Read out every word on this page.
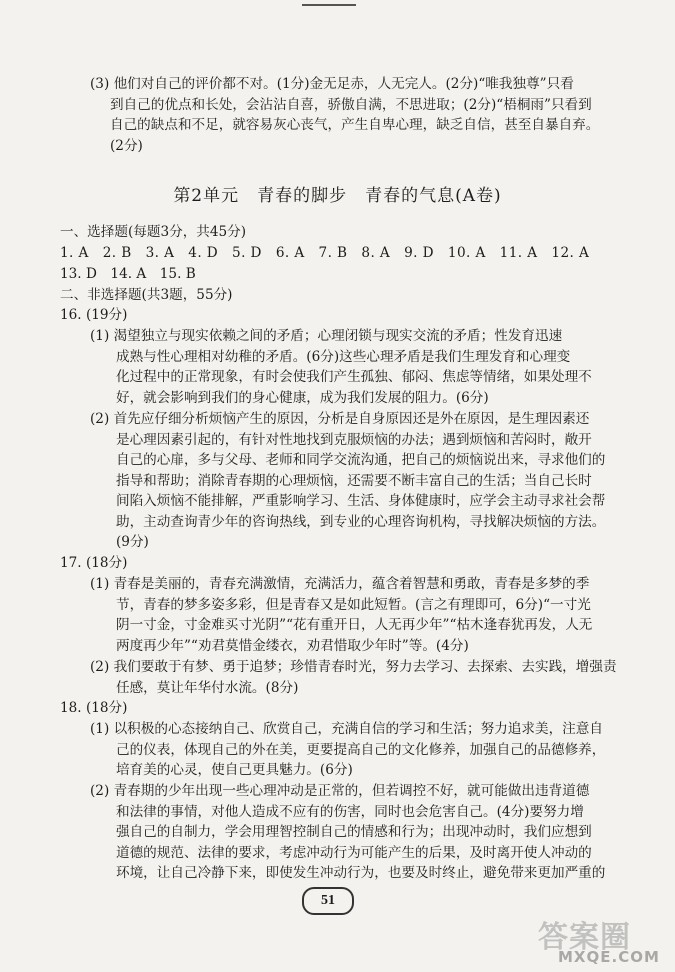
(3) 他们对自己的评价都不对。(1分)金无足赤，人无完人。(2分)“唯我独尊”只看
到自己的优点和长处，会沾沾自喜，骄傲自满，不思进取；(2分)“梧桐雨”只看到
自己的缺点和不足，就容易灰心丧气，产生自卑心理，缺乏自信，甚至自暴自弃。
(2分)
第2单元　青春的脚步　青春的气息(A卷)
一、选择题(每题3分，共45分)
1. A　2. B　3. A　4. D　5. D　6. A　7. B　8. A　9. D　10. A　11. A　12. A
13. D　14. A　15. B
二、非选择题(共3题，55分)
16. (19分)
(1) 渴望独立与现实依赖之间的矛盾；心理闭锁与现实交流的矛盾；性发育迅速
成熟与性心理相对幼稚的矛盾。(6分)这些心理矛盾是我们生理发育和心理变
化过程中的正常现象，有时会使我们产生孤独、郁闷、焦虑等情绪，如果处理不
好，就会影响到我们的身心健康，成为我们发展的阻力。(6分)
(2) 首先应仔细分析烦恼产生的原因，分析是自身原因还是外在原因，是生理因素还
是心理因素引起的，有针对性地找到克服烦恼的办法；遇到烦恼和苦闷时，敞开
自己的心扉，多与父母、老师和同学交流沟通，把自己的烦恼说出来，寻求他们的
指导和帮助；消除青春期的心理烦恼，还需要不断丰富自己的生活；当自己长时
间陷入烦恼不能排解，严重影响学习、生活、身体健康时，应学会主动寻求社会帮
助，主动查询青少年的咨询热线，到专业的心理咨询机构，寻找解决烦恼的方法。
(9分)
17. (18分)
(1) 青春是美丽的，青春充满激情，充满活力，蕴含着智慧和勇敢，青春是多梦的季
节，青春的梦多姿多彩，但是青春又是如此短暂。(言之有理即可，6分)“一寸光
阴一寸金，寸金难买寸光阴”“花有重开日，人无再少年”“枯木逢春犹再发，人无
两度再少年”“劝君莫惜金缕衣，劝君惜取少年时”等。(4分)
(2) 我们要敢于有梦、勇于追梦；珍惜青春时光，努力去学习、去探索、去实践，增强责
任感，莫让年华付水流。(8分)
18. (18分)
(1) 以积极的心态接纳自己、欣赏自己，充满自信的学习和生活；努力追求美，注意自
己的仪表，体现自己的外在美，更要提高自己的文化修养，加强自己的品德修养，
培育美的心灵，使自己更具魅力。(6分)
(2) 青春期的少年出现一些心理冲动是正常的，但若调控不好，就可能做出违背道德
和法律的事情，对他人造成不应有的伤害，同时也会危害自己。(4分)要努力增
强自己的自制力，学会用理智控制自己的情感和行为；出现冲动时，我们应想到
道德的规范、法律的要求，考虑冲动行为可能产生的后果，及时离开使人冲动的
环境，让自己冷静下来，即使发生冲动行为，也要及时终止，避免带来更加严重的
51
答案圈
MXQE.COM
